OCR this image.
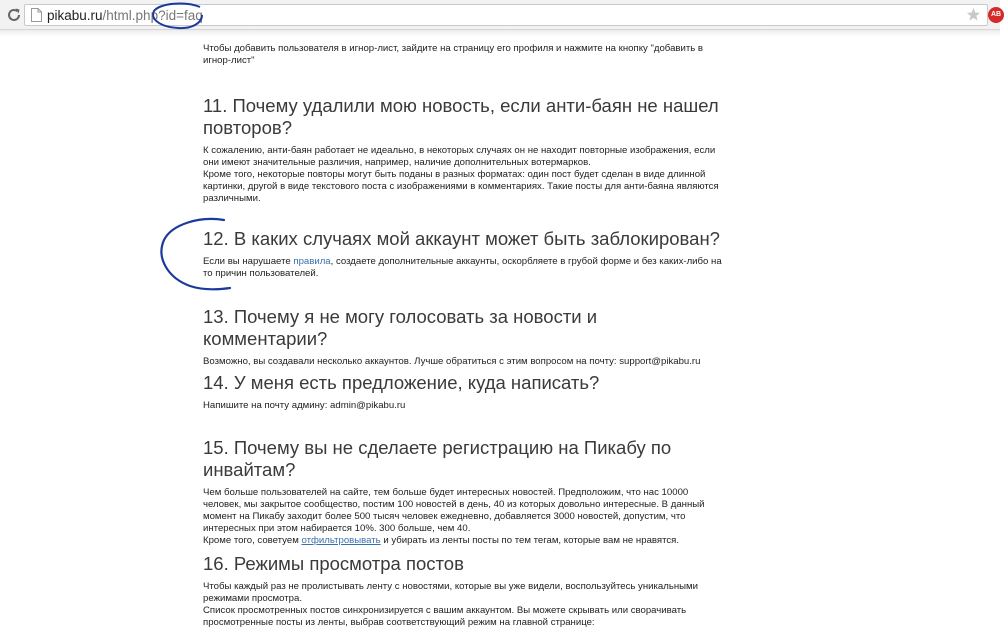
pikabu.ru/html.php?id=faq	AB
Чтобы добавить пользователя в игнор-лист, зайдите на страницу его профиля и нажмите на кнопку "добавить в игнор-лист"
11. Почему удалили мою новость, если анти-баян не нашел повторов?

К сожалению, анти-баян работает не идеально, в некоторых случаях он не находит повторные изображения, если они имеют значительные различия, например, наличие дополнительных вотермарков.

Кроме того, некоторые повторы могут быть поданы в разных форматах: один пост будет сделан в виде длинной картинки, другой в виде текстового поста с изображениями в комментариях. Такие посты для анти-баяна являются различными.

12. В каких случаях мой аккаунт может быть заблокирован?

Если вы нарушаете правила, создаете дополнительные аккаунты, оскорбляете в грубой форме и без каких-либо на то причин пользователей.

13. Почему я не могу голосовать за новости и комментарии?
Возможно, вы создавали несколько аккаунтов. Лучше обратиться с этим вопросом на почту: support@pikabu.ru
14. У меня есть предложение, куда написать?
Напишите на почту админу: admin@pikabu.ru
15. Почему вы не сделаете регистрацию на Пикабу по инвайтам?

Чем больше пользователей на сайте, тем больше будет интересных новостей. Предположим, что нас 10000 человек, мы закрытое сообщество, постим 100 новостей в день, 40 из которых довольно интересные. В данный момент на Пикабу заходит более 500 тысяч человек ежедневно, добавляется 3000 новостей, допустим, что интересных при этом набирается 10%. 300 больше, чем 40.

Кроме того, советуем отфильтровывать и убирать из ленты посты по тем тегам, которые вам не нравятся.

16. Режимы просмотра постов

Чтобы каждый раз не пролистывать ленту с новостями, которые вы уже видели, воспользуйтесь уникальными режимами просмотра.

Список просмотренных постов синхронизируется с вашим аккаунтом. Вы можете скрывать или сворачивать просмотренные посты из ленты, выбрав соответствующий режим на главной странице:
